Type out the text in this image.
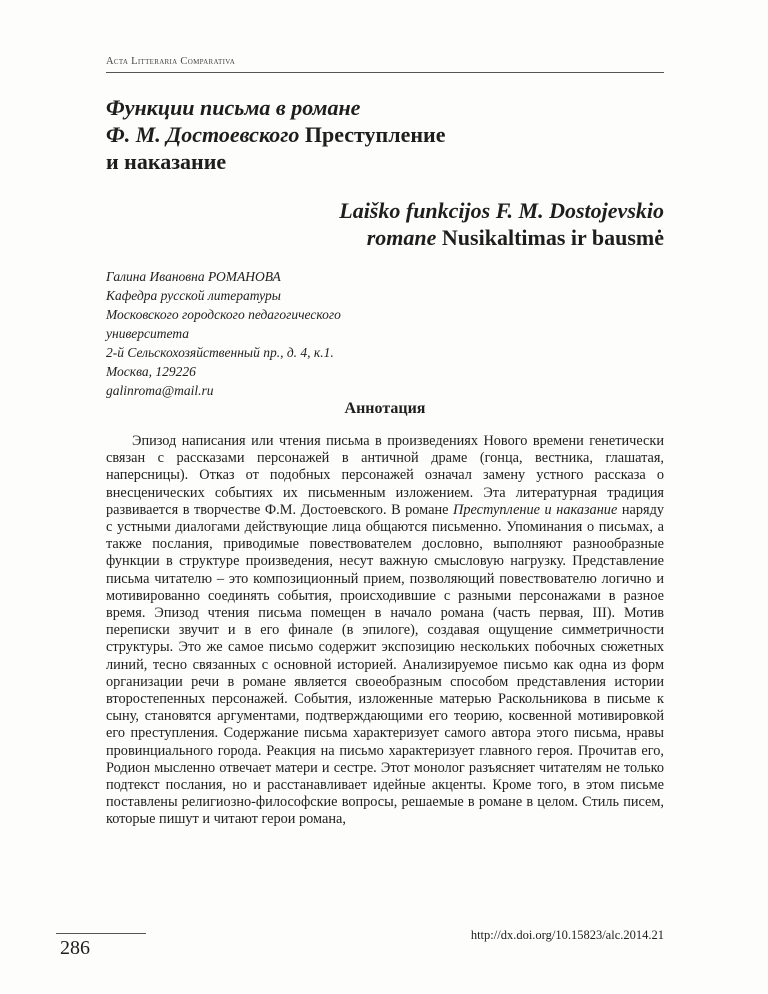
Acta Litteraria Comparativa
Функции письма в романе
Ф. М. Достоевского Преступление
и наказание
Laiško funkcijos F. M. Dostojevskio
romane Nusikaltimas ir bausmė
Галина Ивановна РОМАНОВА
Кафедра русской литературы
Московского городского педагогического
университета
2-й Сельскохозяйственный пр., д. 4, к.1.
Москва, 129226
galinroma@mail.ru
Аннотация

Эпизод написания или чтения письма в произведениях Нового времени генетически связан с рассказами персонажей в античной драме (гонца, вестника, глашатая, наперсницы). Отказ от подобных персонажей означал замену устного рассказа о внесценических событиях их письменным изложением. Эта литературная традиция развивается в творчестве Ф.М. Достоевского. В романе Преступление и наказание наряду с устными диалогами действующие лица общаются письменно. Упоминания о письмах, а также послания, приводимые повествователем дословно, выполняют разнообразные функции в структуре произведения, несут важную смысловую нагрузку. Представление письма читателю – это композиционный прием, позволяющий повествователю логично и мотивированно соединять события, происходившие с разными персонажами в разное время. Эпизод чтения письма помещен в начало романа (часть первая, III). Мотив переписки звучит и в его финале (в эпилоге), создавая ощущение симметричности структуры. Это же самое письмо содержит экспозицию нескольких побочных сюжетных линий, тесно связанных с основной историей. Анализируемое письмо как одна из форм организации речи в романе является своеобразным способом представления истории второстепенных персонажей. События, изложенные матерью Раскольникова в письме к сыну, становятся аргументами, подтверждающими его теорию, косвенной мотивировкой его преступления. Содержание письма характеризует самого автора этого письма, нравы провинциального города. Реакция на письмо характеризует главного героя. Прочитав его, Родион мысленно отвечает матери и сестре. Этот монолог разъясняет читателям не только подтекст послания, но и расстанавливает идейные акценты. Кроме того, в этом письме поставлены религиозно-философские вопросы, решаемые в романе в целом. Стиль писем, которые пишут и читают герои романа,

286
http://dx.doi.org/10.15823/alc.2014.21
